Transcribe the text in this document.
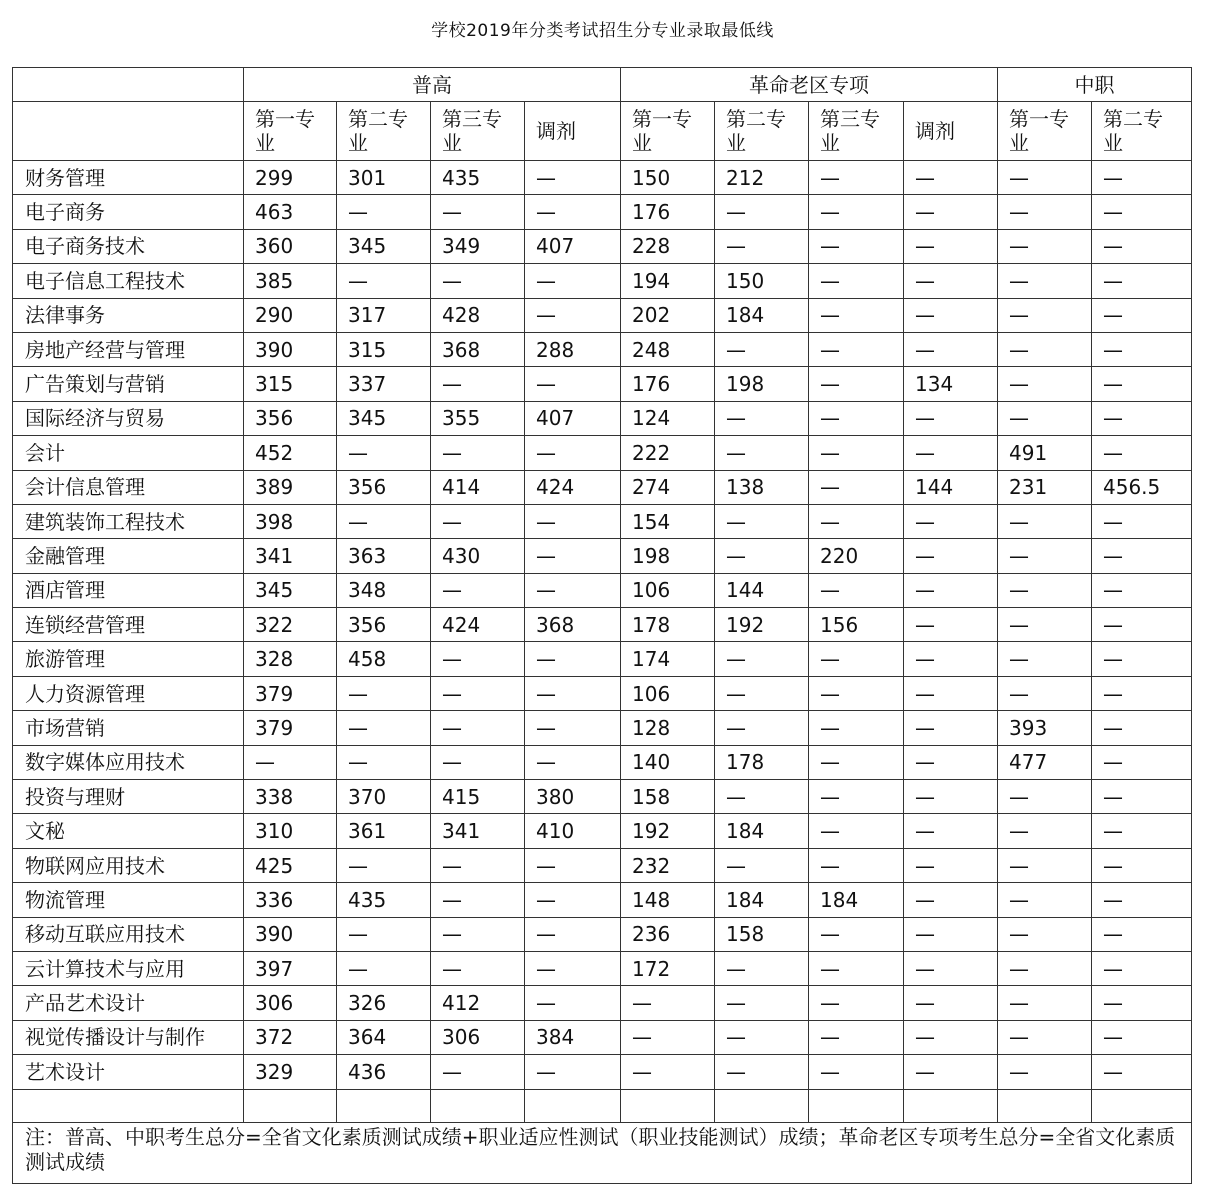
学校2019年分类考试招生分专业录取最低线
	普高				革命老区专项				中职	
	第一专业	第二专业	第三专业	调剂	第一专业	第二专业	第三专业	调剂	第一专业	第二专业
财务管理	299	301	435	—	150	212	—	—	—	—
电子商务	463	—	—	—	176	—	—	—	—	—
电子商务技术	360	345	349	407	228	—	—	—	—	—
电子信息工程技术	385	—	—	—	194	150	—	—	—	—
法律事务	290	317	428	—	202	184	—	—	—	—
房地产经营与管理	390	315	368	288	248	—	—	—	—	—
广告策划与营销	315	337	—	—	176	198	—	134	—	—
国际经济与贸易	356	345	355	407	124	—	—	—	—	—
会计	452	—	—	—	222	—	—	—	491	—
会计信息管理	389	356	414	424	274	138	—	144	231	456.5
建筑装饰工程技术	398	—	—	—	154	—	—	—	—	—
金融管理	341	363	430	—	198	—	220	—	—	—
酒店管理	345	348	—	—	106	144	—	—	—	—
连锁经营管理	322	356	424	368	178	192	156	—	—	—
旅游管理	328	458	—	—	174	—	—	—	—	—
人力资源管理	379	—	—	—	106	—	—	—	—	—
市场营销	379	—	—	—	128	—	—	—	393	—
数字媒体应用技术	—	—	—	—	140	178	—	—	477	—
投资与理财	338	370	415	380	158	—	—	—	—	—
文秘	310	361	341	410	192	184	—	—	—	—
物联网应用技术	425	—	—	—	232	—	—	—	—	—
物流管理	336	435	—	—	148	184	184	—	—	—
移动互联应用技术	390	—	—	—	236	158	—	—	—	—
云计算技术与应用	397	—	—	—	172	—	—	—	—	—
产品艺术设计	306	326	412	—	—	—	—	—	—	—
视觉传播设计与制作	372	364	306	384	—	—	—	—	—	—
艺术设计	329	436	—	—	—	—	—	—	—	—

注：普高、中职考生总分=全省文化素质测试成绩+职业适应性测试（职业技能测试）成绩；革命老区专项考生总分=全省文化素质测试成绩										
